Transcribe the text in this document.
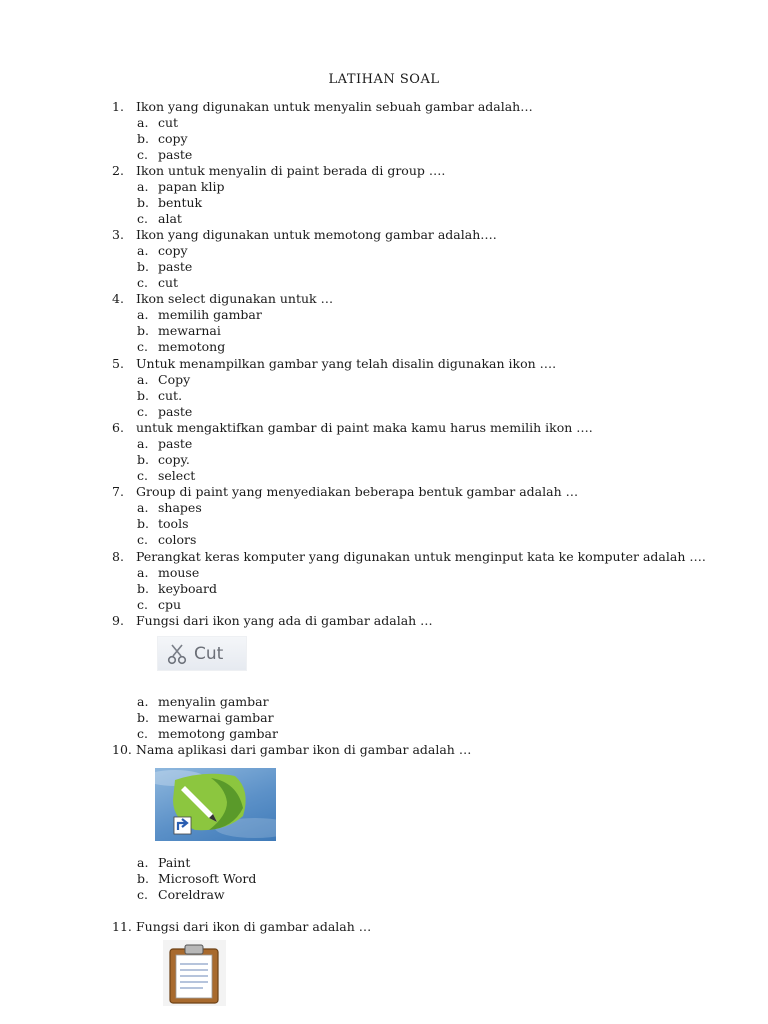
LATIHAN SOAL
1. Ikon yang digunakan untuk menyalin sebuah gambar adalah…
a. cut
b. copy
c. paste
2. Ikon untuk menyalin di paint berada di group ….
a. papan klip
b. bentuk
c. alat
3. Ikon yang digunakan untuk memotong gambar adalah….
a. copy
b. paste
c. cut
4. Ikon select digunakan untuk …
a. memilih gambar
b. mewarnai
c. memotong
5. Untuk menampilkan gambar yang telah disalin digunakan ikon ….
a. Copy
b. cut.
c. paste
6. untuk mengaktifkan gambar di paint maka kamu harus memilih ikon ….
a. paste
b. copy.
c. select
7. Group di paint yang menyediakan beberapa bentuk gambar adalah …
a. shapes
b. tools
c. colors
8. Perangkat keras komputer yang digunakan untuk menginput kata ke komputer adalah ….
a. mouse
b. keyboard
c. cpu
9. Fungsi dari ikon yang ada di gambar adalah …
Cut
a. menyalin gambar
b. mewarnai gambar
c. memotong gambar
10. Nama aplikasi dari gambar ikon di gambar adalah …
a. Paint
b. Microsoft Word
c. Coreldraw
11. Fungsi dari ikon di gambar adalah …
